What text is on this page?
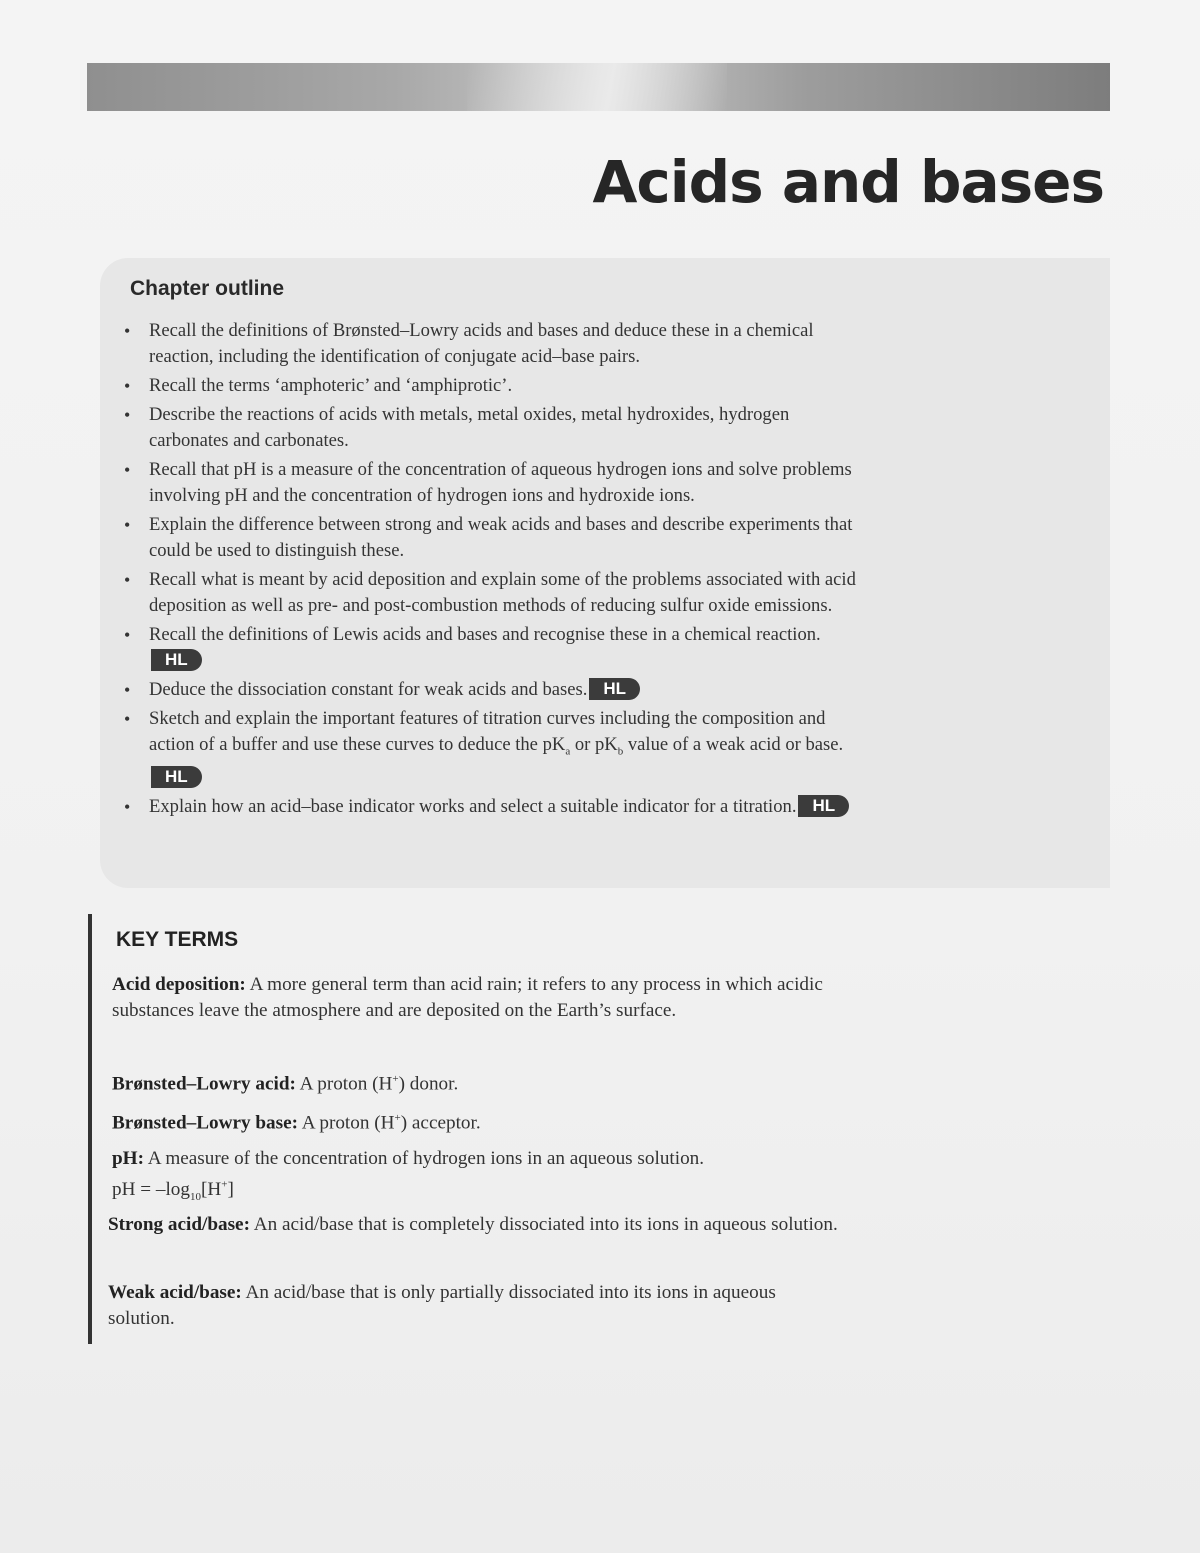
Acids and bases
Chapter outline
• Recall the definitions of Brønsted–Lowry acids and bases and deduce these in a chemical reaction, including the identification of conjugate acid–base pairs.
• Recall the terms ‘amphoteric’ and ‘amphiprotic’.
• Describe the reactions of acids with metals, metal oxides, metal hydroxides, hydrogen carbonates and carbonates.
• Recall that pH is a measure of the concentration of aqueous hydrogen ions and solve problems involving pH and the concentration of hydrogen ions and hydroxide ions.
• Explain the difference between strong and weak acids and bases and describe experiments that could be used to distinguish these.
• Recall what is meant by acid deposition and explain some of the problems associated with acid deposition as well as pre- and post-combustion methods of reducing sulfur oxide emissions.
• Recall the definitions of Lewis acids and bases and recognise these in a chemical reaction.HL
• Deduce the dissociation constant for weak acids and bases. HL
• Sketch and explain the important features of titration curves including the composition and action of a buffer and use these curves to deduce the $pK_a$ or $pK_b$ value of a weak acid or base.HL
• Explain how an acid–base indicator works and select a suitable indicator for a titration. HL
KEY TERMS
Acid deposition: A more general term than acid rain; it refers to any process in which acidic substances leave the atmosphere and are deposited on the Earth’s surface.
Brønsted–Lowry acid: A proton (H+) donor.
Brønsted–Lowry base: A proton (H+) acceptor.
pH: A measure of the concentration of hydrogen ions in an aqueous solution.
pH = $-\log_{10}[H^+]$
Strong acid/base: An acid/base that is completely dissociated into its ions in aqueous solution.
Weak acid/base: An acid/base that is only partially dissociated into its ions in aqueous solution.
